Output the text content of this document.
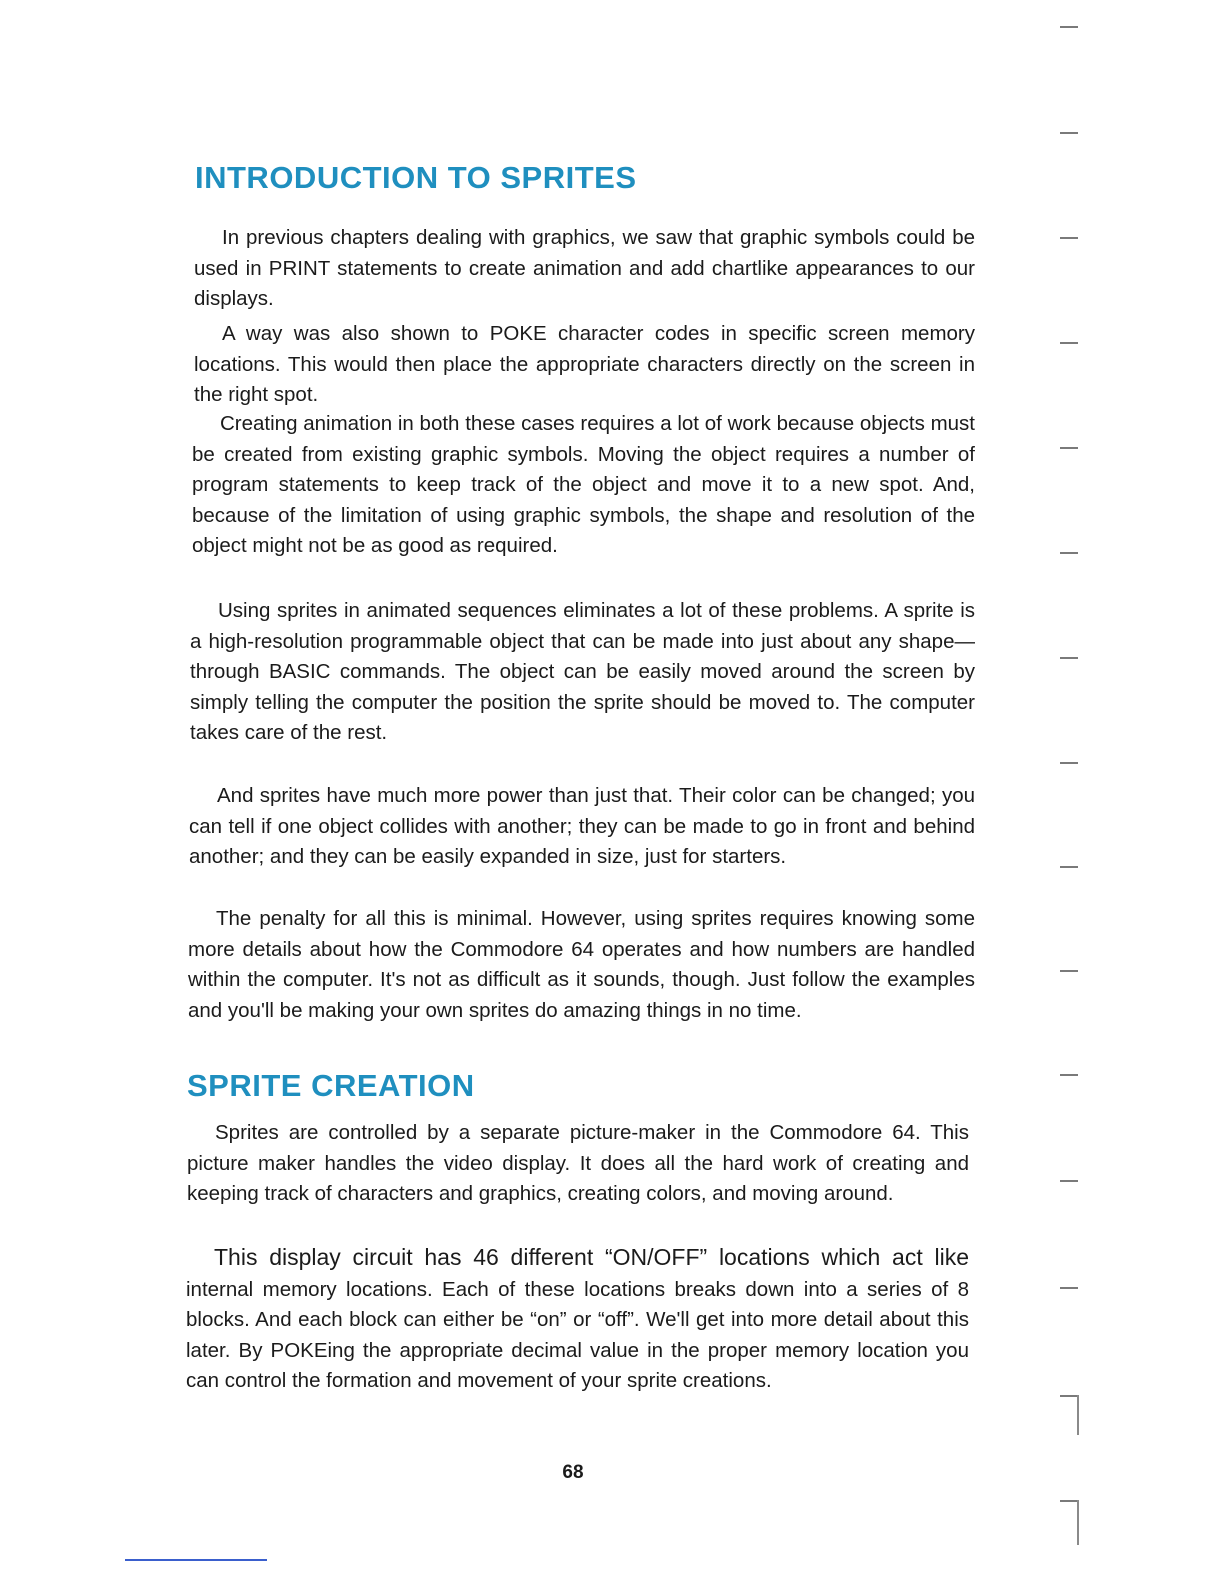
INTRODUCTION TO SPRITES

In previous chapters dealing with graphics, we saw that graphic symbols could be used in PRINT statements to create animation and add chartlike appearances to our displays.

A way was also shown to POKE character codes in specific screen memory locations. This would then place the appropriate characters directly on the screen in the right spot.

Creating animation in both these cases requires a lot of work because objects must be created from existing graphic symbols. Moving the object requires a number of program statements to keep track of the object and move it to a new spot. And, because of the limitation of using graphic symbols, the shape and resolution of the object might not be as good as required.

Using sprites in animated sequences eliminates a lot of these problems. A sprite is a high-resolution programmable object that can be made into just about any shape—through BASIC commands. The object can be easily moved around the screen by simply telling the computer the position the sprite should be moved to. The computer takes care of the rest.

And sprites have much more power than just that. Their color can be changed; you can tell if one object collides with another; they can be made to go in front and behind another; and they can be easily expanded in size, just for starters.

The penalty for all this is minimal. However, using sprites requires knowing some more details about how the Commodore 64 operates and how numbers are handled within the computer. It's not as difficult as it sounds, though. Just follow the examples and you'll be making your own sprites do amazing things in no time.

SPRITE CREATION

Sprites are controlled by a separate picture-maker in the Commodore 64. This picture maker handles the video display. It does all the hard work of creating and keeping track of characters and graphics, creating colors, and moving around.

This display circuit has 46 different “ON/OFF” locations which act like internal memory locations. Each of these locations breaks down into a series of 8 blocks. And each block can either be “on” or “off”. We'll get into more detail about this later. By POKEing the appropriate decimal value in the proper memory location you can control the formation and movement of your sprite creations.

68
